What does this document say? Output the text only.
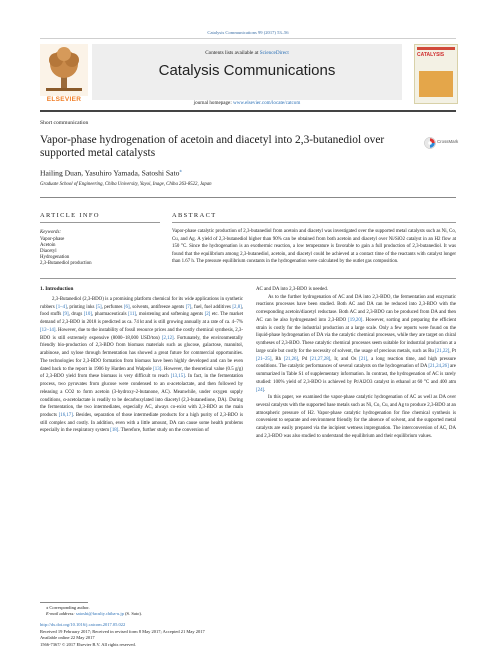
Catalysis Communications 99 (2017) 53–56
ELSEVIER
Contents lists available at ScienceDirect
Catalysis Communications
journal homepage: www.elsevier.com/locate/catcom
CATALYSIS
Short communication
Vapor-phase hydrogenation of acetoin and diacetyl into 2,3-butanediol over supported metal catalysts
CrossMark
Hailing Duan, Yasuhiro Yamada, Satoshi Sato⁎
Graduate School of Engineering, Chiba University, Yayoi, Inage, Chiba 263-8522, Japan
ARTICLE INFO
Keywords:
Vapor-phase
Acetoin
Diacetyl
Hydrogenation
2,3-Butanediol production
ABSTRACT
Vapor-phase catalytic production of 2,3-butanediol from acetoin and diacetyl was investigated over the supported metal catalysts such as Ni, Co, Cu, and Ag. A yield of 2,3-butanediol higher than 90% can be obtained from both acetoin and diacetyl over Ni/SiO2 catalyst in an H2 flow at 150 °C. Since the hydrogenation is an exothermic reaction, a low temperature is favorable to gain a full production of 2,3-butanediol. It was found that the equilibrium among 2,3-butanediol, acetoin, and diacetyl could be achieved at a contact time of the reactants with catalyst longer than 1.67 h. The pressure equilibrium constants in the hydrogenation were calculated by the outlet gas composition.
1. Introduction

2,3-Butanediol (2,3-BDO) is a promising platform chemical for its wide applications in synthetic rubbers [1–4], printing inks [5], perfumes [6], solvents, antifreeze agents [7], fuel, fuel additives [2,8], food stuffs [9], drugs [10], pharmaceuticals [11], moistening and softening agents [2] etc. The market demand of 2,3-BDO in 2018 is predicted as ca. 74 kt and is still growing annually at a rate of ca. 4–7% [12–14]. However, due to the instability of fossil resource prices and the costly chemical synthesis, 2,3-BDO is still extremely expensive (8000–18,000 USD/ton) [2,12]. Fortunately, the environmentally friendly bio-production of 2,3-BDO from biomass materials such as glucose, galactose, mannitol, arabinose, and xylose through fermentation has showed a great future for commercial opportunities. The technologies for 2,3-BDO formation from biomass have been highly developed and can be even dated back to the report in 1906 by Harden and Walpole [13]. However, the theoretical value (0.5 g/g) of 2,3-BDO yield from these biomass is very difficult to reach [13,15]. In fact, in the fermentation process, two pyruvates from glucose were condensed to an α-acetolactate, and then followed by releasing a CO2 to form acetoin (3-hydroxy-2-butanone, AC). Meanwhile, under oxygen supply conditions, α-acetolactate is readily to be decarboxylated into diacetyl (2,3-butanedione, DA). During the fermentation, the two intermediates, especially AC, always co-exist with 2,3-BDO as the main products [16,17]. Besides, separation of those intermediate products for a high purity of 2,3-BDO is still complex and costly. In addition, even with a little amount, DA can cause some health problems especially in the respiratory system [18]. Therefore, further study on the conversion of

AC and DA into 2,3-BDO is needed.

As to the further hydrogenation of AC and DA into 2,3-BDO, the fermentation and enzymatic reactions processes have been studied. Both AC and DA can be reduced into 2,3-BDO with the corresponding acetoin/diacetyl reductase. Both AC and 2,3-BDO can be produced from DA and then AC can be also hydrogenated into 2,3-BDO [19,20]. However, sorting and preparing the efficient strain is costly for the industrial production at a large scale. Only a few reports were found on the liquid-phase hydrogenation of DA via the catalytic chemical processes, while they are target on chiral syntheses of 2,3-BDO. These catalytic chemical processes seem suitable for industrial production at a large scale but costly for the necessity of solvent, the usage of precious metals, such as Ru [21,22], Pt [21–25], Rh [21,26], Pd [21,27,28], Ir, and Os [21], a long reaction time, and high pressure conditions. The catalytic performances of several catalysts on the hydrogenation of DA [21,24,26] are summarized in Table S1 of supplementary information. In contrast, the hydrogenation of AC is rarely studied: 100% yield of 2,3-BDO is achieved by Pt/Al2O3 catalyst in ethanol at 60 °C and 400 atm [24].

In this paper, we examined the vapor-phase catalytic hydrogenation of AC as well as DA over several catalysts with the supported base metals such as Ni, Co, Cu, and Ag to produce 2,3-BDO at an atmospheric pressure of H2. Vapor-phase catalytic hydrogenation for fine chemical synthesis is convenient to separate and environment friendly for the absence of solvent, and the supported metal catalysts are easily prepared via the incipient wetness impregnation. The interconversion of AC, DA and 2,3-BDO was also studied to understand the equilibrium and their equilibrium values.

⁎ Corresponding author.
E-mail address: satoshi@faculty.chiba-u.jp (S. Sato).
http://dx.doi.org/10.1016/j.catcom.2017.05.022
Received 19 February 2017; Received in revised form 8 May 2017; Accepted 21 May 2017
Available online 22 May 2017
1566-7367/ © 2017 Elsevier B.V. All rights reserved.
